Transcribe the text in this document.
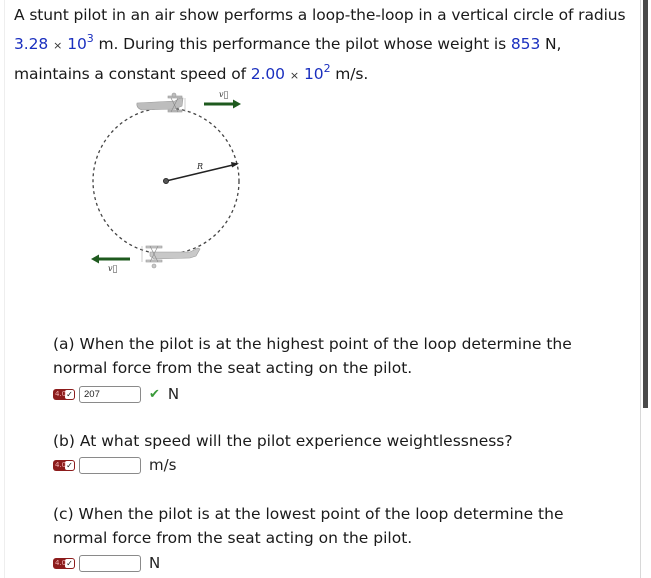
A stunt pilot in an air show performs a loop-the-loop in a vertical circle of radius $3.28 \times 10^3$ m. During this performance the pilot whose weight is 853 N, maintains a constant speed of $2.00 \times 10^2$ m/s.
R
v⃗
v⃗
(a) When the pilot is at the highest point of the loop determine the normal force from the seat acting on the pilot.
4.0 ✓	207	✔ N
(b) At what speed will the pilot experience weightlessness?
4.0 ✓	m/s
(c) When the pilot is at the lowest point of the loop determine the normal force from the seat acting on the pilot.
4.0 ✓	N
